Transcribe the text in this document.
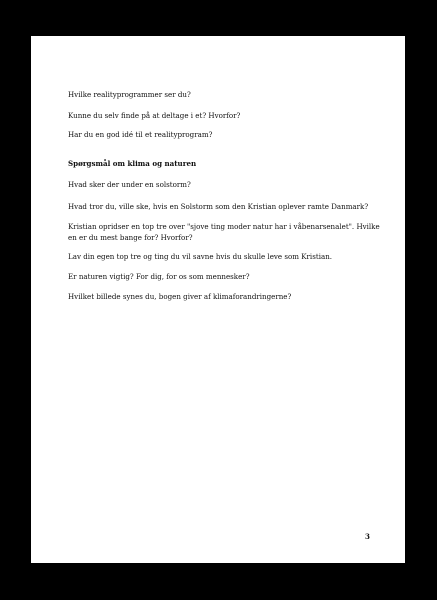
Hvilke realityprogrammer ser du?

Kunne du selv finde på at deltage i et? Hvorfor?

Har du en god idé til et realityprogram?

Spørgsmål om klima og naturen

Hvad sker der under en solstorm?

Hvad tror du, ville ske, hvis en Solstorm som den Kristian oplever ramte Danmark?

Kristian opridser en top tre over "sjove ting moder natur har i våbenarsenalet". Hvilke en er du mest bange for? Hvorfor?

Lav din egen top tre og ting du vil savne hvis du skulle leve som Kristian.

Er naturen vigtig? For dig, for os som mennesker?

Hvilket billede synes du, bogen giver af klimaforandringerne?

3
